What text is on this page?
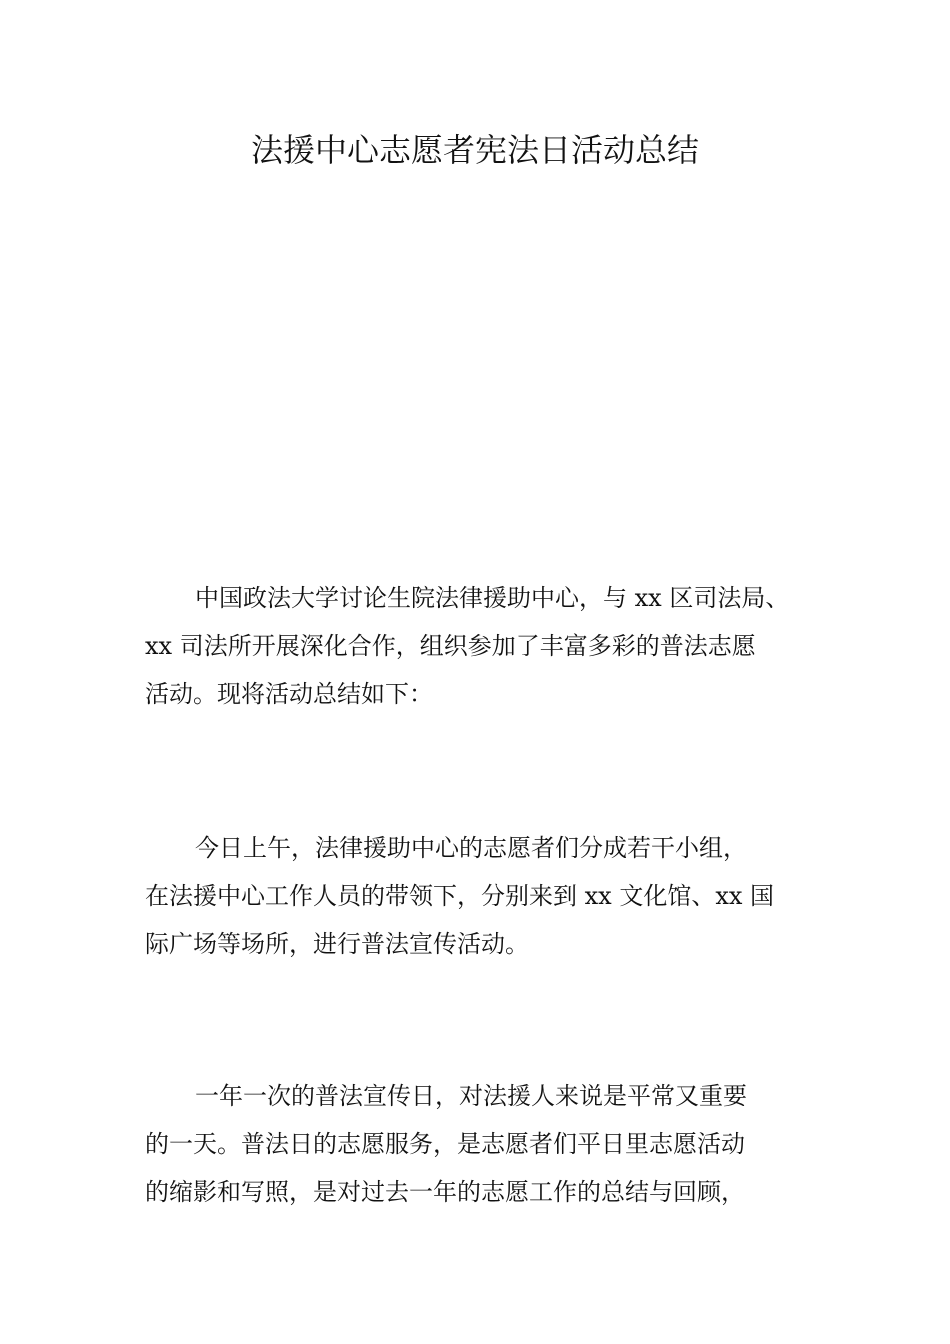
法援中心志愿者宪法日活动总结
中国政法大学讨论生院法律援助中心，与 xx 区司法局、
xx 司法所开展深化合作，组织参加了丰富多彩的普法志愿
活动。现将活动总结如下：
今日上午，法律援助中心的志愿者们分成若干小组，
在法援中心工作人员的带领下，分别来到 xx 文化馆、xx 国
际广场等场所，进行普法宣传活动。
一年一次的普法宣传日，对法援人来说是平常又重要
的一天。普法日的志愿服务，是志愿者们平日里志愿活动
的缩影和写照，是对过去一年的志愿工作的总结与回顾，
